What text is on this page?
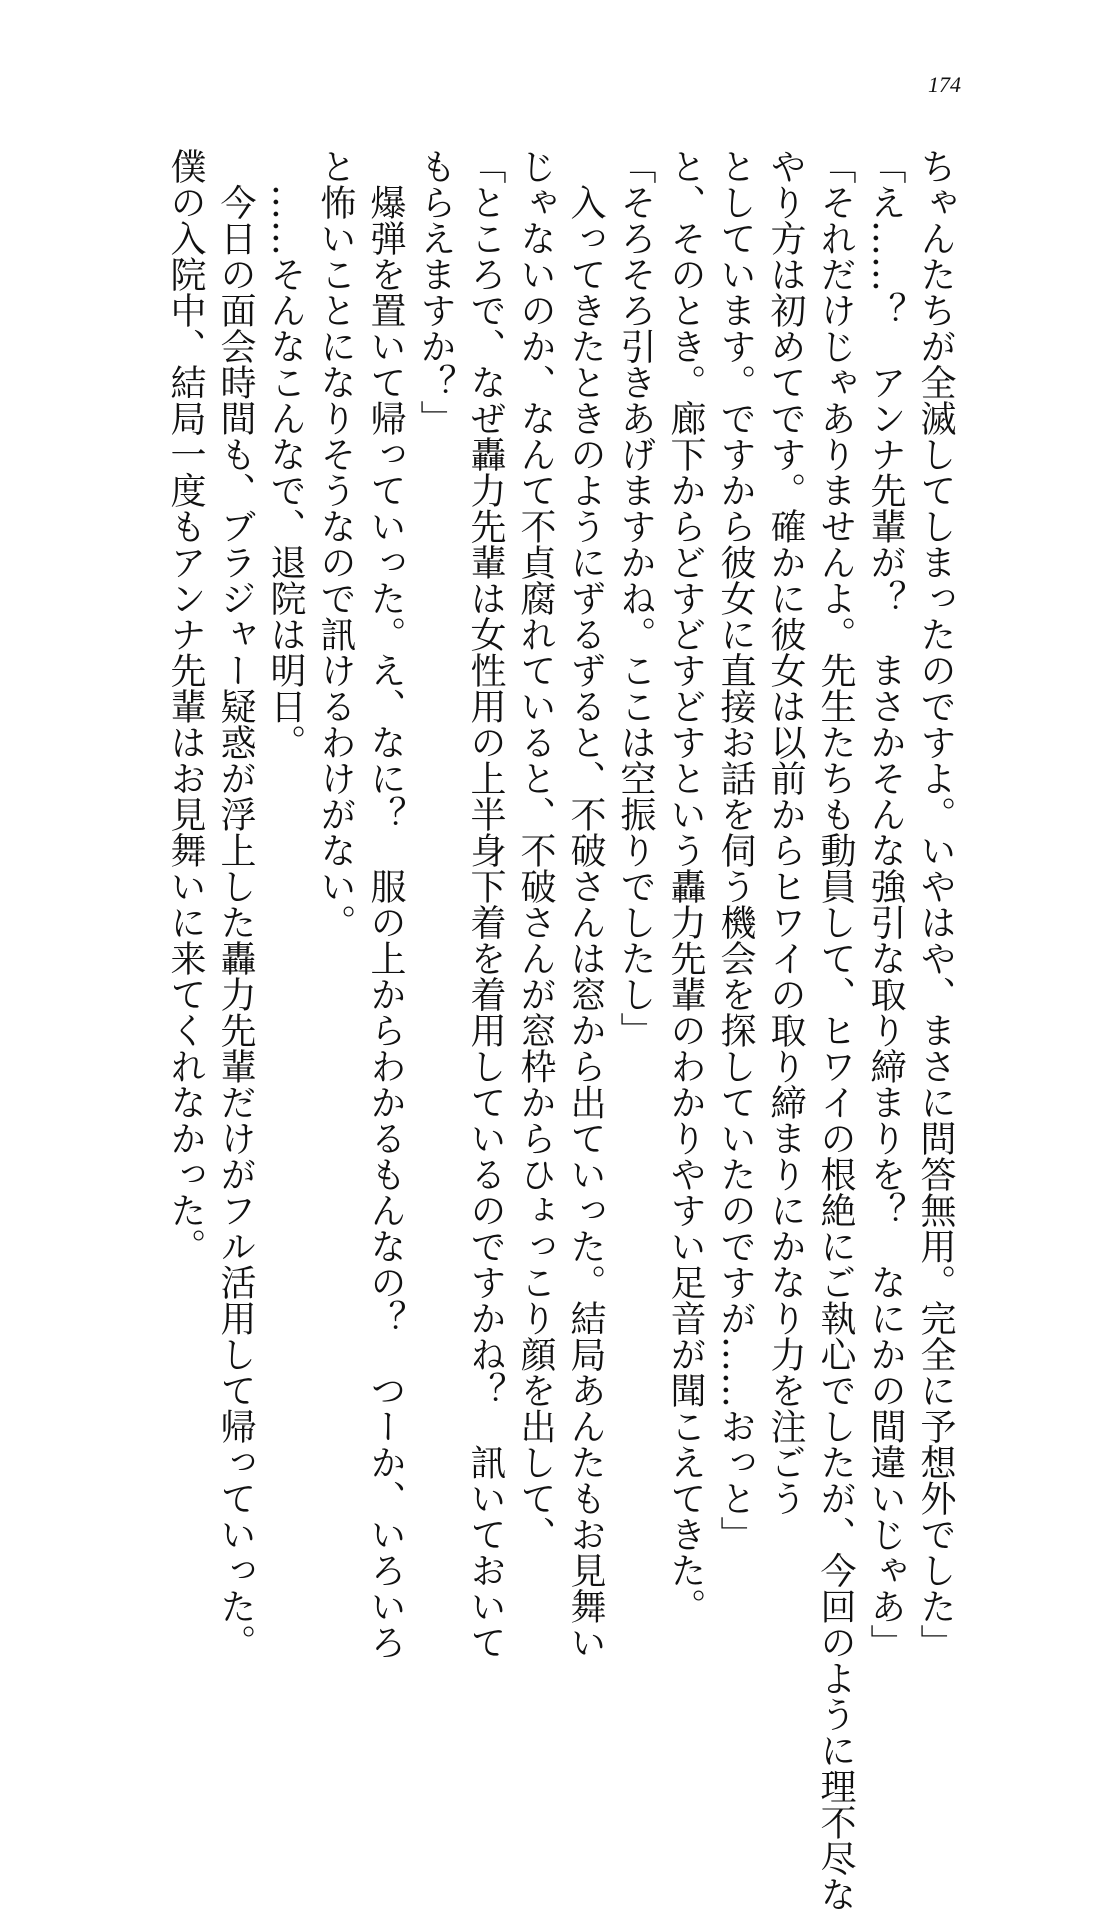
174
ちゃんたちが全滅してしまったのですよ。いやはや、まさに問答無用。完全に予想外でした」
「え……？　アンナ先輩が？　まさかそんな強引な取り締まりを？　なにかの間違いじゃあ」
「それだけじゃありませんよ。先生たちも動員して、ヒワイの根絶にご執心でしたが、今回のように理不尽な
やり方は初めてです。確かに彼女は以前からヒワイの取り締まりにかなり力を注ごう
としています。ですから彼女に直接お話を伺う機会を探していたのですが……おっと」
と、そのとき。廊下からどすどすどすという轟力先輩のわかりやすい足音が聞こえてきた。
「そろそろ引きあげますかね。ここは空振りでしたし」
入ってきたときのようにずるずると、不破さんは窓から出ていった。結局あんたもお見舞い
じゃないのか、なんて不貞腐れていると、不破さんが窓枠からひょっこり顔を出して、
「ところで、なぜ轟力先輩は女性用の上半身下着を着用しているのですかね？　訊いておいて
もらえますか？」
爆弾を置いて帰っていった。え、なに？　服の上からわかるもんなの？　つーか、いろいろ
と怖いことになりそうなので訊けるわけがない。
……そんなこんなで、退院は明日。
今日の面会時間も、ブラジャー疑惑が浮上した轟力先輩だけがフル活用して帰っていった。
僕の入院中、結局一度もアンナ先輩はお見舞いに来てくれなかった。
